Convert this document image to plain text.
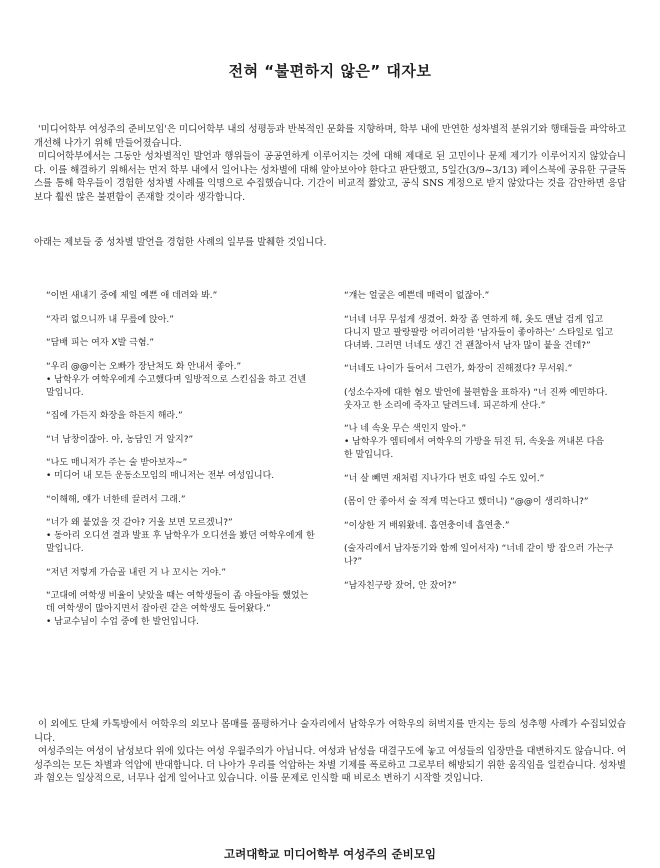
전혀 “불편하지 않은” 대자보

'미디어학부 여성주의 준비모임'은 미디어학부 내의 성평등과 반복적인 문화를 지향하며, 학부 내에 만연한 성차별적 분위기와 행태들을 파악하고 개선해 나가기 위해 만들어졌습니다.

미디어학부에서는 그동안 성차별적인 발언과 행위들이 공공연하게 이루어지는 것에 대해 제대로 된 고민이나 문제 제기가 이루어지지 않았습니다. 이를 해결하기 위해서는 먼저 학부 내에서 일어나는 성차별에 대해 알아보아야 한다고 판단했고, 5일간(3/9~3/13) 페이스북에 공유한 구글독스를 통해 학우들이 경험한 성차별 사례를 익명으로 수집했습니다. 기간이 비교적 짧았고, 공식 SNS 계정으로 받지 않았다는 것을 감안하면 응답보다 훨씬 많은 불편함이 존재할 것이라 생각합니다.

아래는 제보들 중 성차별 발언을 경험한 사례의 일부를 발췌한 것입니다.

“이번 새내기 중에 제일 예쁜 애 데려와 봐.”

“자리 없으니까 내 무릎에 앉아.”

“담배 피는 여자 X발 극혐.”

“우리 @@이는 오빠가 장난쳐도 화 안내서 좋아.”

• 남학우가 여학우에게 수고했다며 일방적으로 스킨십을 하고 건넨 말입니다.

“집에 가든지 화장을 하든지 해라.”

“너 남창이잖아. 아, 농담인 거 알지?”

“나도 매니저가 주는 술 받아보자~”

• 미디어 내 모든 운동소모임의 매니저는 전부 여성입니다.

“이해해, 얘가 너한테 끌려서 그래.”

“너가 왜 붙었을 것 같아? 거울 보면 모르겠니?”

• 동아리 오디션 결과 발표 후 남학우가 오디션을 봤던 여학우에게 한 말입니다.

“저년 저렇게 가슴골 내린 거 나 꼬시는 거야.”

“고대에 여학생 비율이 낮았을 때는 여학생들이 좀 야들야들 했었는데 여학생이 많아지면서 잡아린 같은 여학생도 들어왔다.”

• 남교수님이 수업 중에 한 발언입니다.

“걔는 얼굴은 예쁜데 매력이 없잖아.”

“너네 너무 무섭게 생겼어. 화장 좀 연하게 해, 옷도 맨날 검게 입고 다니지 말고 팔랑팔랑 어리어리한 ‘남자들이 좋아하는’ 스타일로 입고 다녀봐. 그러면 너네도 생긴 건 괜찮아서 남자 많이 붙을 건데?”

“너네도 나이가 들어서 그런가, 화장이 진해졌다? 무서워.”

(성소수자에 대한 혐오 발언에 불편함을 표하자) “너 진짜 예민하다. 웃자고 한 소리에 죽자고 달려드네. 피곤하게 산다.”

“나 네 속옷 무슨 색인지 알아.”

• 남학우가 엠티에서 여학우의 가방을 뒤진 뒤, 속옷을 꺼내본 다음 한 말입니다.

“너 살 빼면 재처럼 지나가다 번호 따일 수도 있어.”

(몸이 안 좋아서 술 적게 먹는다고 했더니) “@@이 생리하니?”

“이상한 거 배워왔네. 흡연충이네 흡연충.”

(술자리에서 남자동기와 함께 일어서자) “너네 같이 방 잡으러 가는구나?”

“남자친구랑 잤어, 안 잤어?”

이 외에도 단체 카톡방에서 여학우의 외모나 몸매를 품평하거나 술자리에서 남학우가 여학우의 허벅지를 만지는 등의 성추행 사례가 수집되었습니다.

여성주의는 여성이 남성보다 위에 있다는 여성 우월주의가 아닙니다. 여성과 남성을 대결구도에 놓고 여성들의 입장만을 대변하지도 않습니다. 여성주의는 모든 차별과 억압에 반대합니다. 더 나아가 우리를 억압하는 차별 기제를 폭로하고 그로부터 해방되기 위한 움직임을 일컫습니다. 성차별과 혐오는 일상적으로, 너무나 쉽게 일어나고 있습니다. 이를 문제로 인식할 때 비로소 변하기 시작할 것입니다.

고려대학교 미디어학부 여성주의 준비모임
